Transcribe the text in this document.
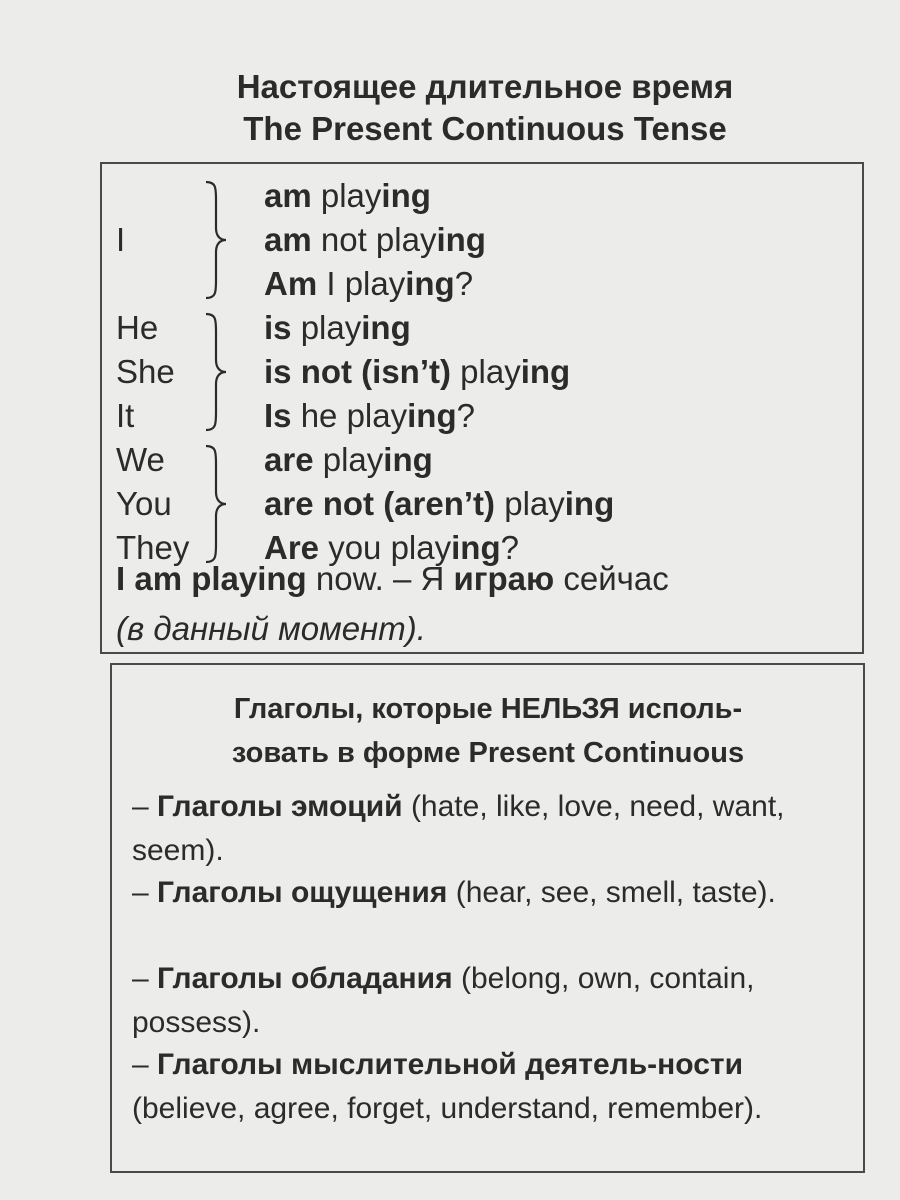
Настоящее длительное время
The Present Continuous Tense
am playing
I	am not playing
Am I playing?
He	is playing
She	is not (isn’t) playing
It	Is he playing?
We	are playing
You	are not (aren’t) playing
They Are you playing?
I am playing now. – Я играю сейчас
(в данный момент).
Глаголы, которые НЕЛЬЗЯ исполь-
зовать в форме Present Continuous
– Глаголы эмоций (hate, like, love, need, want, seem).
– Глаголы ощущения (hear, see, smell, taste).
– Глаголы обладания (belong, own, contain, possess).
– Глаголы мыслительной деятель-ности (believe, agree, forget, understand, remember).
